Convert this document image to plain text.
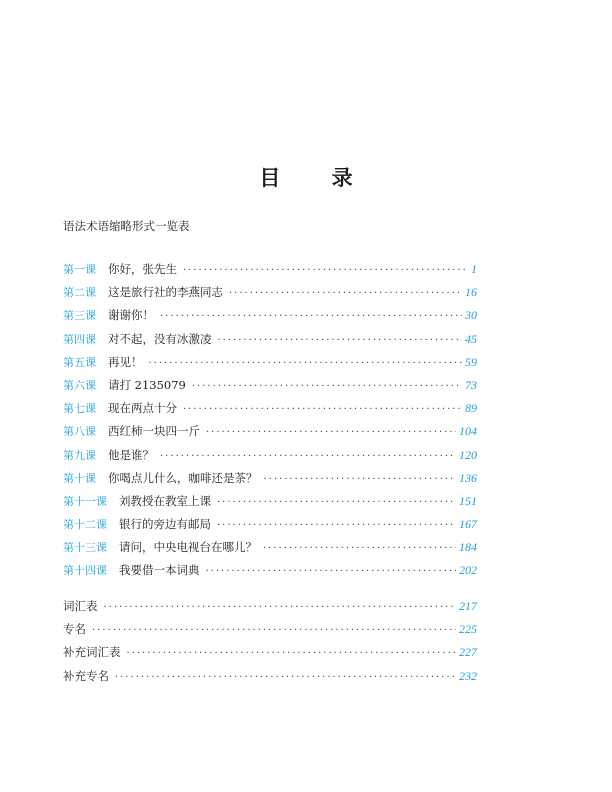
目 录
语法术语缩略形式一览表
第一课 你好，张先生 ·····	1
第二课 这是旅行社的李燕同志 ·····	16
第三课 谢谢你！ ·····	30
第四课 对不起，没有冰激凌 ·····	45
第五课 再见！ ·····	59
第六课 请打 2135079 ·····	73
第七课 现在两点十分 ·····	89
第八课 西红柿一块四一斤 ·····	104
第九课 他是谁？ ·····	120
第十课 你喝点儿什么，咖啡还是茶？ ·····	136
第十一课 刘教授在教室上课 ·····	151
第十二课 银行的旁边有邮局 ·····	167
第十三课 请问，中央电视台在哪儿？ ·····	184
第十四课 我要借一本词典 ·····	202
词汇表 ·····	217
专名 ·····	225
补充词汇表 ·····	227
补充专名 ·····	232
